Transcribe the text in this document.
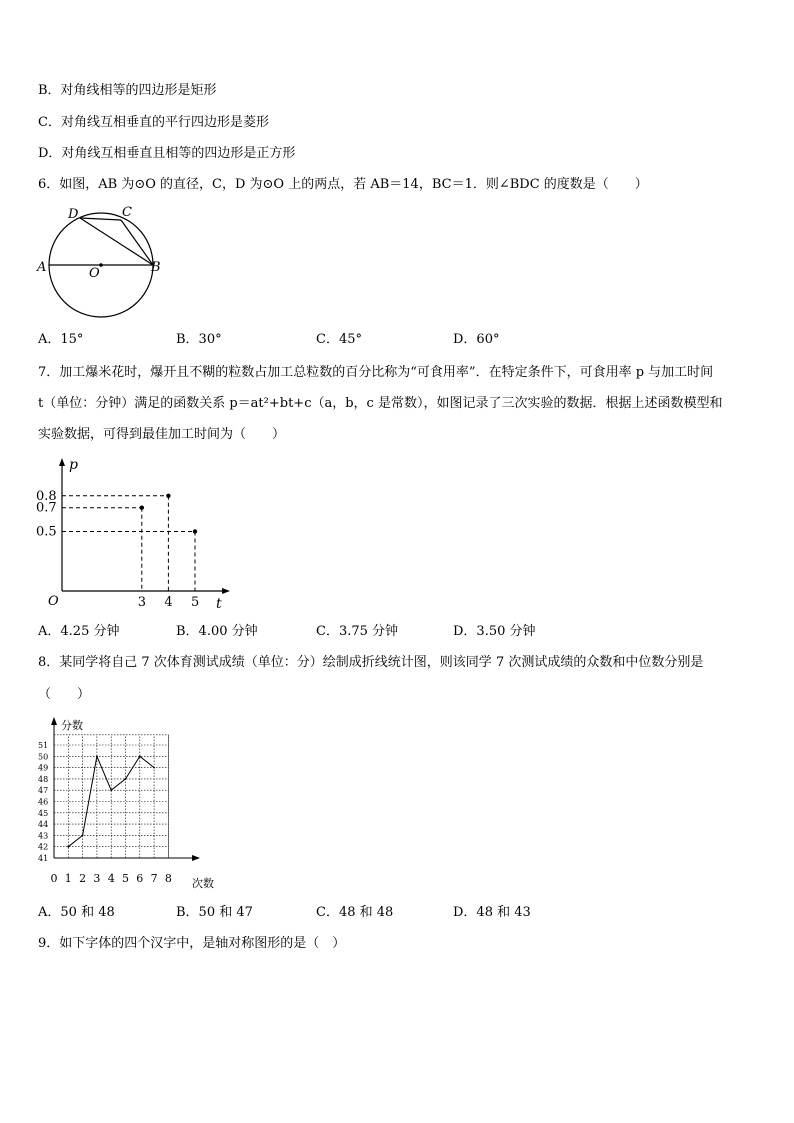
B．对角线相等的四边形是矩形
C．对角线互相垂直的平行四边形是菱形
D．对角线互相垂直且相等的四边形是正方形
6．如图，AB 为⊙O 的直径，C，D 为⊙O 上的两点，若 AB＝14，BC＝1．则∠BDC 的度数是（　　）
A	B
C
D
O
A．15°	B．30°	C．45°	D．60°
7．加工爆米花时，爆开且不糊的粒数占加工总粒数的百分比称为“可食用率”．在特定条件下，可食用率 p 与加工时间
t（单位：分钟）满足的函数关系 p＝at²+bt+c（a，b，c 是常数），如图记录了三次实验的数据．根据上述函数模型和
实验数据，可得到最佳加工时间为（　　）
p
t
O	3 4 5
0.8
0.7
0.5
A．4.25 分钟	B．4.00 分钟	C．3.75 分钟	D．3.50 分钟
8．某同学将自己 7 次体育测试成绩（单位：分）绘制成折线统计图，则该同学 7 次测试成绩的众数和中位数分别是
（　　）
分数
次数
0 1 2 3 4 5 6 7 8
41
42
43
44
45
46
47
48
49
50
51
A．50 和 48	B．50 和 47	C．48 和 48	D．48 和 43
9．如下字体的四个汉字中，是轴对称图形的是（　）
